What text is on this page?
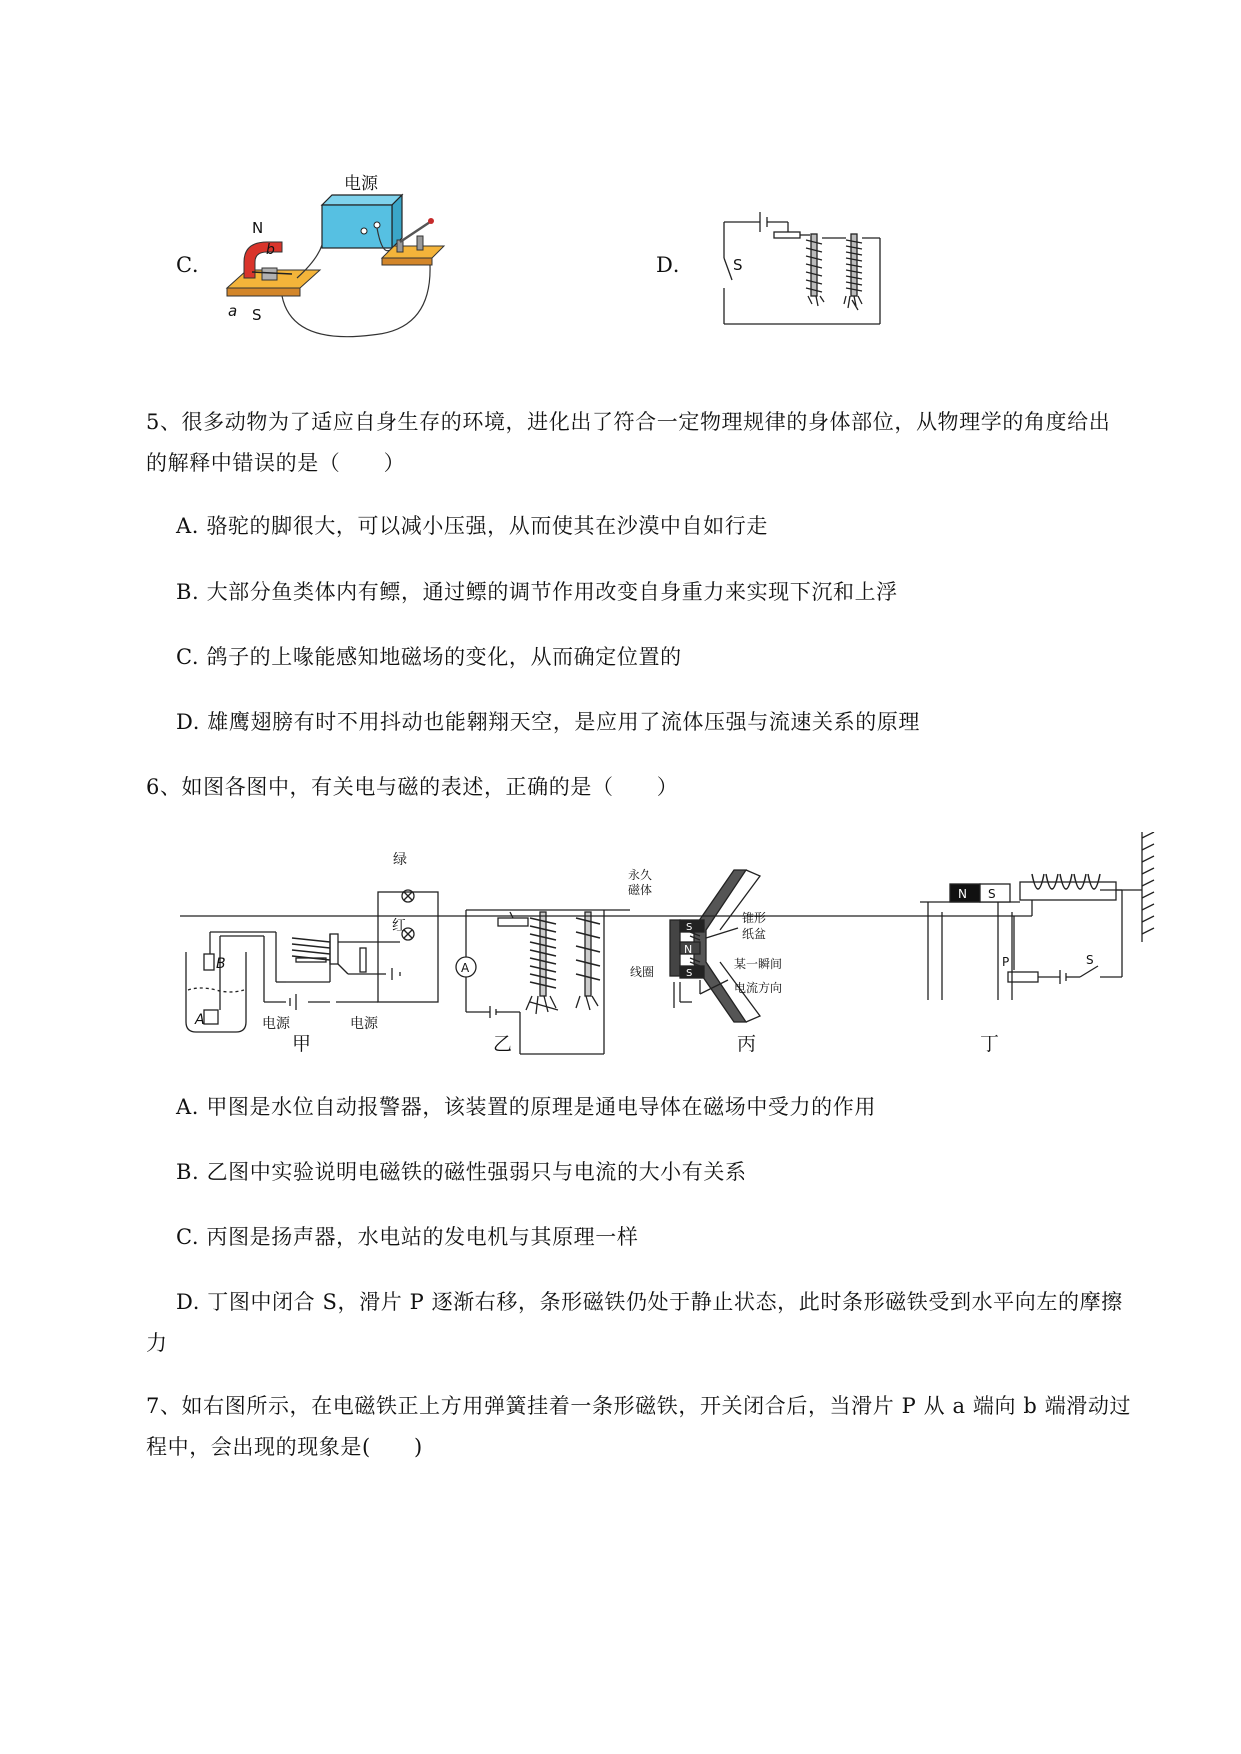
C.
电源
N
S
a
b
D.	S
5、很多动物为了适应自身生存的环境，进化出了符合一定物理规律的身体部位，从物理学的角度给出
的解释中错误的是（　　）
A. 骆驼的脚很大，可以减小压强，从而使其在沙漠中自如行走
B. 大部分鱼类体内有鳔，通过鳔的调节作用改变自身重力来实现下沉和上浮
C. 鸽子的上喙能感知地磁场的变化，从而确定位置的
D. 雄鹰翅膀有时不用抖动也能翱翔天空，是应用了流体压强与流速关系的原理
6、如图各图中，有关电与磁的表述，正确的是（　　）
绿
红
电源	电源
A
B	A
永久
磁体
锥形
纸盆
线圈
某一瞬间
电流方向
N
S
S
N S
P	S
甲	乙	丙	丁
A. 甲图是水位自动报警器，该装置的原理是通电导体在磁场中受力的作用
B. 乙图中实验说明电磁铁的磁性强弱只与电流的大小有关系
C. 丙图是扬声器，水电站的发电机与其原理一样
D. 丁图中闭合 S，滑片 P 逐渐右移，条形磁铁仍处于静止状态，此时条形磁铁受到水平向左的摩擦
力
7、如右图所示，在电磁铁正上方用弹簧挂着一条形磁铁，开关闭合后，当滑片 P 从 a 端向 b 端滑动过
程中，会出现的现象是(　　)
